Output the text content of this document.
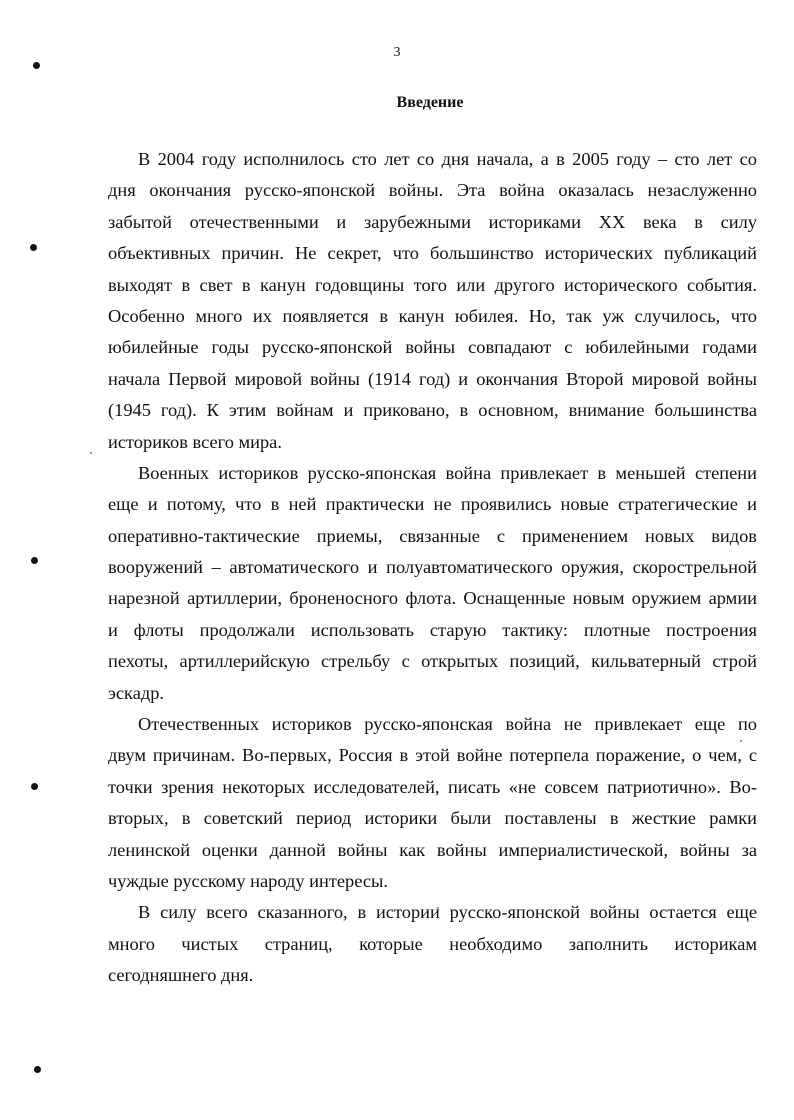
3
Введение
В 2004 году исполнилось сто лет со дня начала, а в 2005 году – сто лет со
дня окончания русско-японской войны. Эта война оказалась незаслуженно
забытой отечественными и зарубежными историками XX века в силу
объективных причин. Не секрет, что большинство исторических публикаций
выходят в свет в канун годовщины того или другого исторического события.
Особенно много их появляется в канун юбилея. Но, так уж случилось, что
юбилейные годы русско-японской войны совпадают с юбилейными годами
начала Первой мировой войны (1914 год) и окончания Второй мировой войны
(1945 год). К этим войнам и приковано, в основном, внимание большинства
историков всего мира.
Военных историков русско-японская война привлекает в меньшей степени
еще и потому, что в ней практически не проявились новые стратегические и
оперативно-тактические приемы, связанные с применением новых видов
вооружений – автоматического и полуавтоматического оружия, скорострельной
нарезной артиллерии, броненосного флота. Оснащенные новым оружием армии
и флоты продолжали использовать старую тактику: плотные построения
пехоты, артиллерийскую стрельбу с открытых позиций, кильватерный строй
эскадр.
Отечественных историков русско-японская война не привлекает еще по
двум причинам. Во-первых, Россия в этой войне потерпела поражение, о чем, с
точки зрения некоторых исследователей, писать «не совсем патриотично». Во-
вторых, в советский период историки были поставлены в жесткие рамки
ленинской оценки данной войны как войны империалистической, войны за
чуждые русскому народу интересы.
В силу всего сказанного, в истории русско-японской войны остается еще
много чистых страниц, которые необходимо заполнить историкам
сегодняшнего дня.
